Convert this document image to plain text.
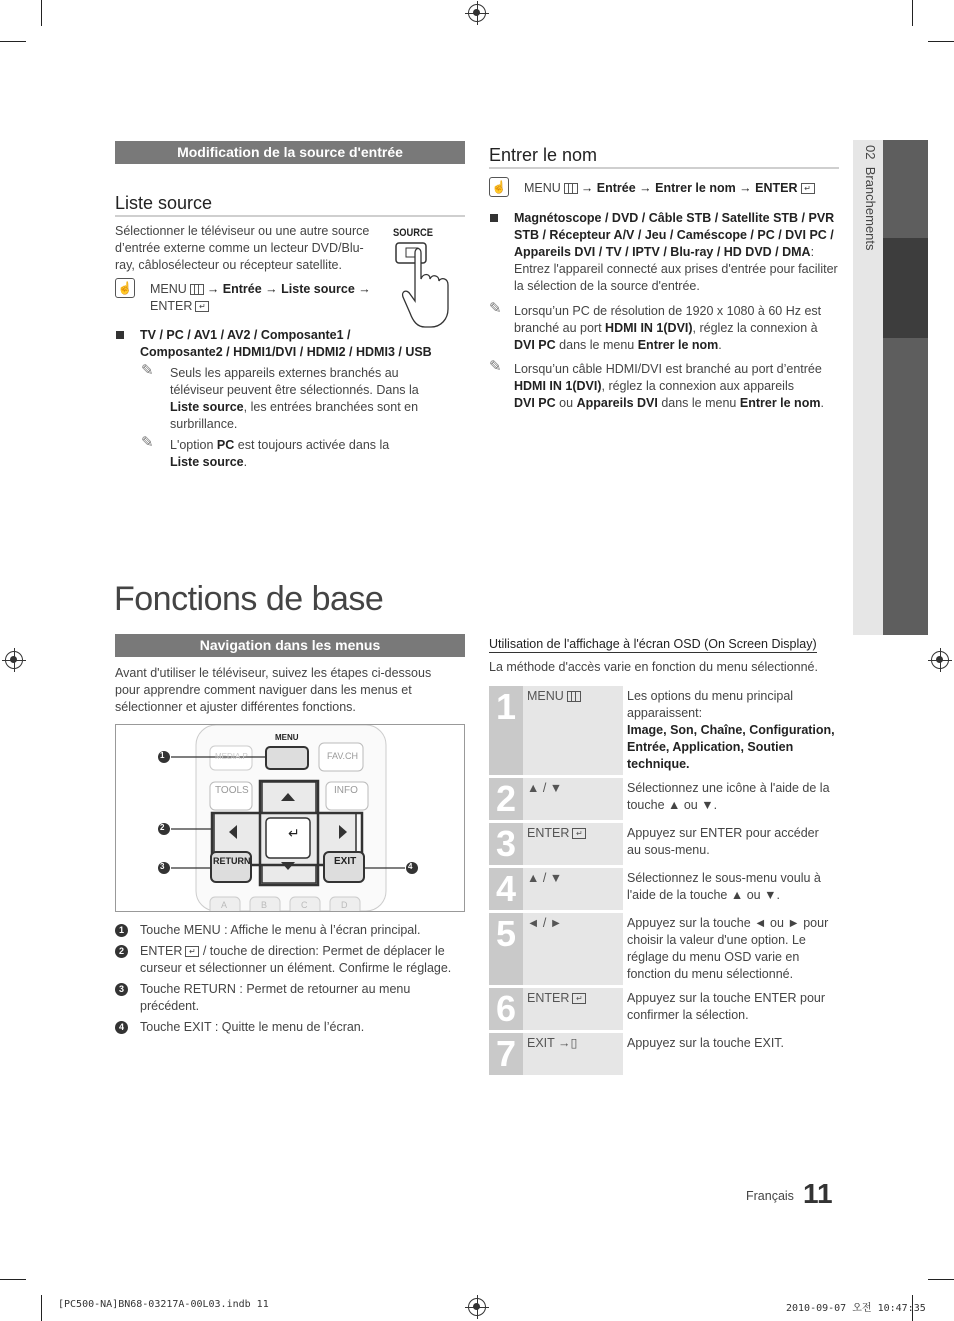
02  Branchements
Modification de la source d'entrée
Liste source
Sélectionner le téléviseur ou une autre source d’entrée externe comme un lecteur DVD/Blu-ray, câblosélecteur ou récepteur satellite.
SOURCE
☝ MENU → Entrée → Liste source →
ENTER ↵
TV / PC / AV1 / AV2 / Composante1 /
Composante2 / HDMI1/DVI / HDMI2 / HDMI3 / USB
✎ Seuls les appareils externes branchés au téléviseur peuvent être sélectionnés. Dans la Liste source, les entrées branchées sont en surbrillance.
✎ L'option PC est toujours activée dans la
Liste source.
Entrer le nom
☝ MENU → Entrée → Entrer le nom → ENTER ↵
Magnétoscope / DVD / Câble STB / Satellite STB / PVR STB / Récepteur A/V / Jeu / Caméscope / PC / DVI PC / Appareils DVI / TV / IPTV / Blu-ray / HD DVD / DMA: Entrez l'appareil connecté aux prises d'entrée pour faciliter la sélection de la source d'entrée.
✎ Lorsqu’un PC de résolution de 1920 x 1080 à 60 Hz est branché au port HDMI IN 1(DVI), réglez la connexion à DVI PC dans le menu Entrer le nom.
✎ Lorsqu’un câble HDMI/DVI est branché au port d’entrée HDMI IN 1(DVI), réglez la connexion aux appareils
DVI PC ou Appareils DVI dans le menu Entrer le nom.
Fonctions de base
Navigation dans les menus
Avant d'utiliser le téléviseur, suivez les étapes ci-dessous pour apprendre comment naviguer dans les menus et sélectionner et ajuster différentes fonctions.
MENU
MEDIA.P	FAV.CH
TOOLS	INFO
RETURN	EXIT
↵
A	B	C	D
1
2
3	4
1	Touche MENU : Affiche le menu à l’écran principal.
2	ENTER ↵ / touche de direction: Permet de déplacer le curseur et sélectionner un élément. Confirme le réglage.
3	Touche RETURN : Permet de retourner au menu précédent.
4	Touche EXIT : Quitte le menu de l’écran.
Utilisation de l'affichage à l'écran OSD (On Screen Display)
La méthode d'accès varie en fonction du menu sélectionné.
1	MENU	Les options du menu principal apparaissent:
Image, Son, Chaîne, Configuration, Entrée, Application, Soutien technique.
2	▲ / ▼	Sélectionnez une icône à l'aide de la touche ▲ ou ▼.
3	ENTER ↵	Appuyez sur ENTER pour accéder au sous-menu.
4	▲ / ▼	Sélectionnez le sous-menu voulu à l'aide de la touche ▲ ou ▼.
5	◄ / ►	Appuyez sur la touche ◄ ou ► pour choisir la valeur d'une option. Le réglage du menu OSD varie en fonction du menu sélectionné.
6	ENTER ↵	Appuyez sur la touche ENTER pour confirmer la sélection.
7	EXIT →▯	Appuyez sur la touche EXIT.
Français 11
[PC500-NA]BN68-03217A-00L03.indb 11	2010-09-07 오전 10:47:35
